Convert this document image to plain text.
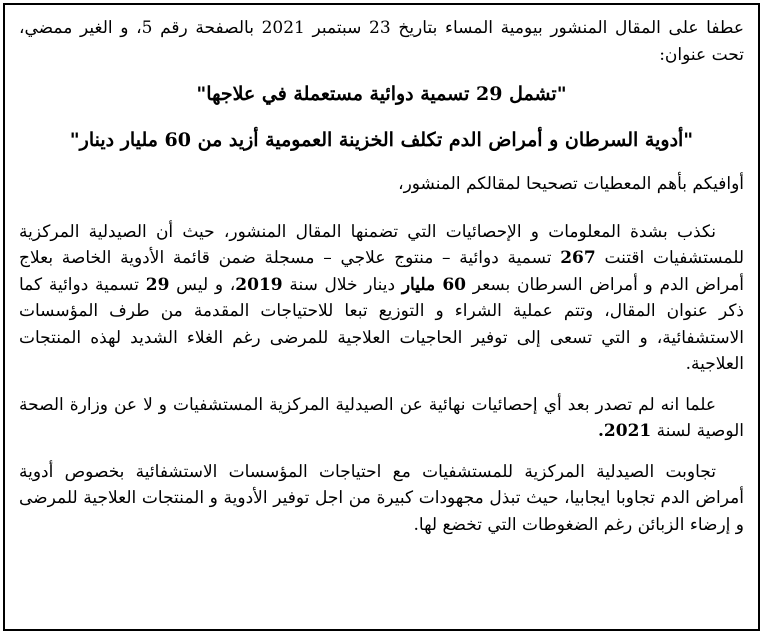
عطفا على المقال المنشور بيومية المساء بتاريخ 23 سبتمبر 2021 بالصفحة رقم 5، و الغير ممضي، تحت عنوان:

"تشمل 29 تسمية دوائية مستعملة في علاجها"

"أدوية السرطان و أمراض الدم تكلف الخزينة العمومية أزيد من 60 مليار دينار"

أوافيكم بأهم المعطيات تصحيحا لمقالكم المنشور،

نكذب بشدة المعلومات و الإحصائيات التي تضمنها المقال المنشور، حيث أن الصيدلية المركزية للمستشفيات اقتنت 267 تسمية دوائية – منتوج علاجي – مسجلة ضمن قائمة الأدوية الخاصة بعلاج أمراض الدم و أمراض السرطان بسعر 60 مليار دينار خلال سنة 2019، و ليس 29 تسمية دوائية كما ذكر عنوان المقال، وتتم عملية الشراء و التوزيع تبعا للاحتياجات المقدمة من طرف المؤسسات الاستشفائية، و التي تسعى إلى توفير الحاجيات العلاجية للمرضى رغم الغلاء الشديد لهذه المنتجات العلاجية.

علما انه لم تصدر بعد أي إحصائيات نهائية عن الصيدلية المركزية المستشفيات و لا عن وزارة الصحة الوصية لسنة 2021.

تجاوبت الصيدلية المركزية للمستشفيات مع احتياجات المؤسسات الاستشفائية بخصوص أدوية أمراض الدم تجاوبا ايجابيا، حيث تبذل مجهودات كبيرة من اجل توفير الأدوية و المنتجات العلاجية للمرضى و إرضاء الزبائن رغم الضغوطات التي تخضع لها.
